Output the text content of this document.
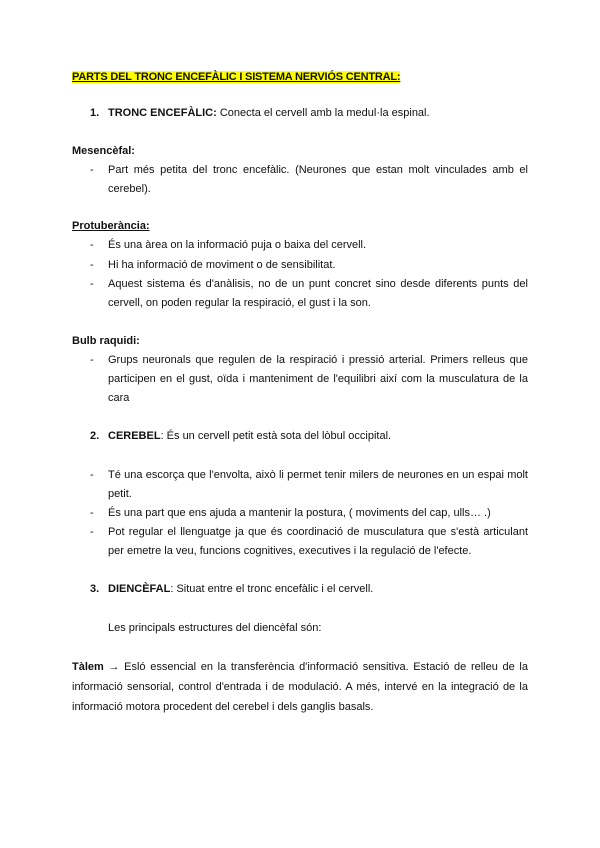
PARTS DEL TRONC ENCEFÀLIC I SISTEMA NERVIÓS CENTRAL:
1. TRONC ENCEFÀLIC: Conecta el cervell amb la medul·la espinal.
Mesencèfal:
- Part més petita del tronc encefàlic. (Neurones que estan molt vinculades amb el cerebel).
Protuberància:
- És una àrea on la informació puja o baixa del cervell.
- Hi ha informació de moviment o de sensibilitat.
- Aquest sistema és d'anàlisis, no de un punt concret sino desde diferents punts del cervell, on poden regular la respiració, el gust i la son.
Bulb raquidi:
- Grups neuronals que regulen de la respiració i pressió arterial. Primers relleus que participen en el gust, oïda i manteniment de l'equilibri així com la musculatura de la cara
2. CEREBEL: És un cervell petit està sota del lòbul occipital.
- Té una escorça que l'envolta, això li permet tenir milers de neurones en un espai molt petit.
- És una part que ens ajuda a mantenir la postura, ( moviments del cap, ulls… .)
- Pot regular el llenguatge ja que és coordinació de musculatura que s'està articulant per emetre la veu, funcions cognitives, executives i la regulació de l'efecte.
3. DIENCÈFAL: Situat entre el tronc encefàlic i el cervell.
Les principals estructures del diencèfal són:
Tàlem → Esló essencial en la transferència d'informació sensitiva. Estació de relleu de la informació sensorial, control d'entrada i de modulació. A més, intervé en la integració de la informació motora procedent del cerebel i dels ganglis basals.
